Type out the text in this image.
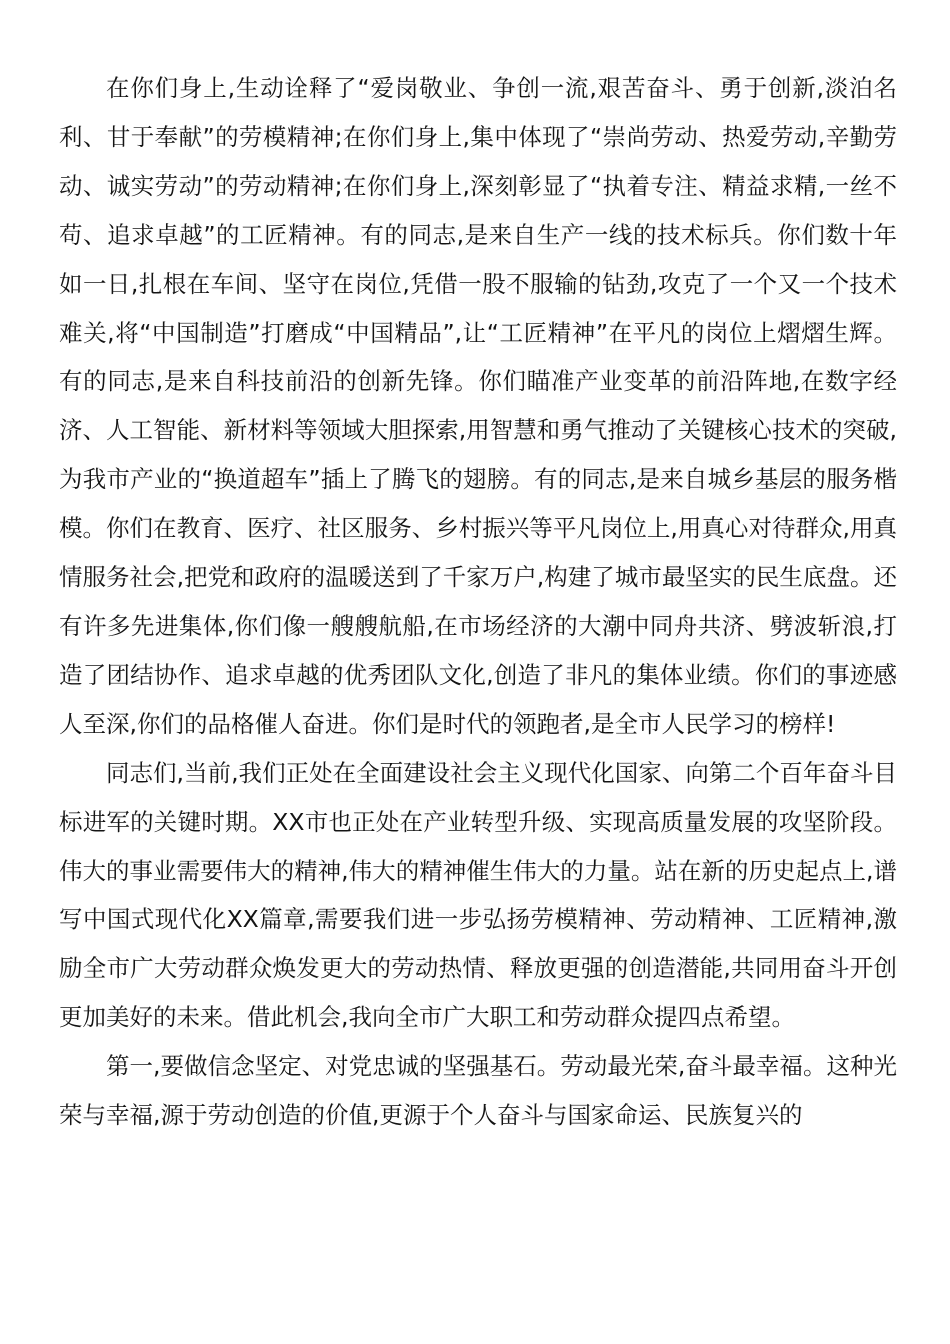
在你们身上,生动诠释了“爱岗敬业、争创一流,艰苦奋斗、勇于创新,淡泊名利、甘于奉献”的劳模精神;在你们身上,集中体现了“崇尚劳动、热爱劳动,辛勤劳动、诚实劳动”的劳动精神;在你们身上,深刻彰显了“执着专注、精益求精,一丝不苟、追求卓越”的工匠精神。有的同志,是来自生产一线的技术标兵。你们数十年如一日,扎根在车间、坚守在岗位,凭借一股不服输的钻劲,攻克了一个又一个技术难关,将“中国制造”打磨成“中国精品”,让“工匠精神”在平凡的岗位上熠熠生辉。有的同志,是来自科技前沿的创新先锋。你们瞄准产业变革的前沿阵地,在数字经济、人工智能、新材料等领域大胆探索,用智慧和勇气推动了关键核心技术的突破,为我市产业的“换道超车”插上了腾飞的翅膀。有的同志,是来自城乡基层的服务楷模。你们在教育、医疗、社区服务、乡村振兴等平凡岗位上,用真心对待群众,用真情服务社会,把党和政府的温暖送到了千家万户,构建了城市最坚实的民生底盘。还有许多先进集体,你们像一艘艘航船,在市场经济的大潮中同舟共济、劈波斩浪,打造了团结协作、追求卓越的优秀团队文化,创造了非凡的集体业绩。你们的事迹感人至深,你们的品格催人奋进。你们是时代的领跑者,是全市人民学习的榜样!

同志们,当前,我们正处在全面建设社会主义现代化国家、向第二个百年奋斗目标进军的关键时期。XX市也正处在产业转型升级、实现高质量发展的攻坚阶段。伟大的事业需要伟大的精神,伟大的精神催生伟大的力量。站在新的历史起点上,谱写中国式现代化XX篇章,需要我们进一步弘扬劳模精神、劳动精神、工匠精神,激励全市广大劳动群众焕发更大的劳动热情、释放更强的创造潜能,共同用奋斗开创更加美好的未来。借此机会,我向全市广大职工和劳动群众提四点希望。

第一,要做信念坚定、对党忠诚的坚强基石。劳动最光荣,奋斗最幸福。这种光荣与幸福,源于劳动创造的价值,更源于个人奋斗与国家命运、民族复兴的
